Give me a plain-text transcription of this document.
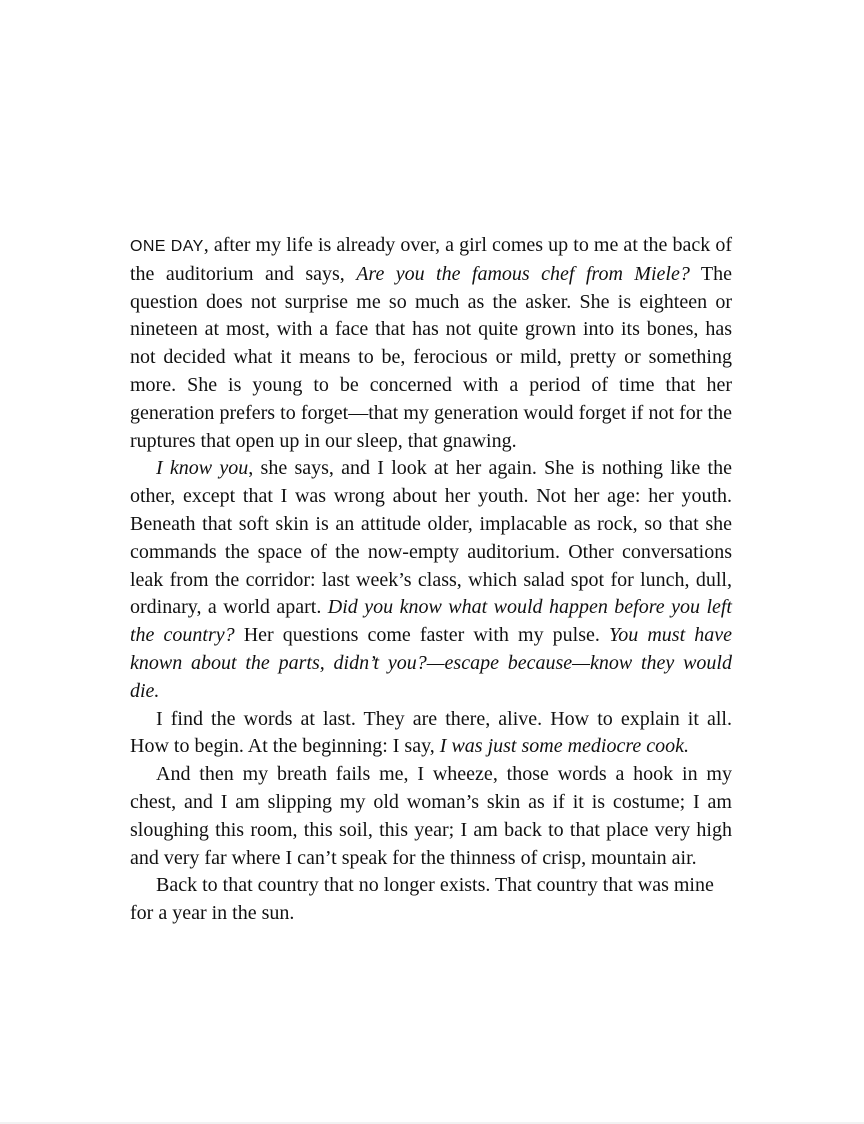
ONE DAY, after my life is already over, a girl comes up to me at the back of the auditorium and says, Are you the famous chef from Miele? The question does not surprise me so much as the asker. She is eighteen or nineteen at most, with a face that has not quite grown into its bones, has not decided what it means to be, ferocious or mild, pretty or something more. She is young to be concerned with a period of time that her generation prefers to forget—that my generation would forget if not for the ruptures that open up in our sleep, that gnawing.

I know you, she says, and I look at her again. She is nothing like the other, except that I was wrong about her youth. Not her age: her youth. Beneath that soft skin is an attitude older, implacable as rock, so that she commands the space of the now-empty auditorium. Other conversations leak from the corridor: last week’s class, which salad spot for lunch, dull, ordinary, a world apart. Did you know what would happen before you left the country? Her questions come faster with my pulse. You must have known about the parts, didn’t you?—escape because—know they would die.

I find the words at last. They are there, alive. How to explain it all. How to begin. At the beginning: I say, I was just some mediocre cook.

And then my breath fails me, I wheeze, those words a hook in my chest, and I am slipping my old woman’s skin as if it is costume; I am sloughing this room, this soil, this year; I am back to that place very high and very far where I can’t speak for the thinness of crisp, mountain air.

Back to that country that no longer exists. That country that was mine for a year in the sun.
